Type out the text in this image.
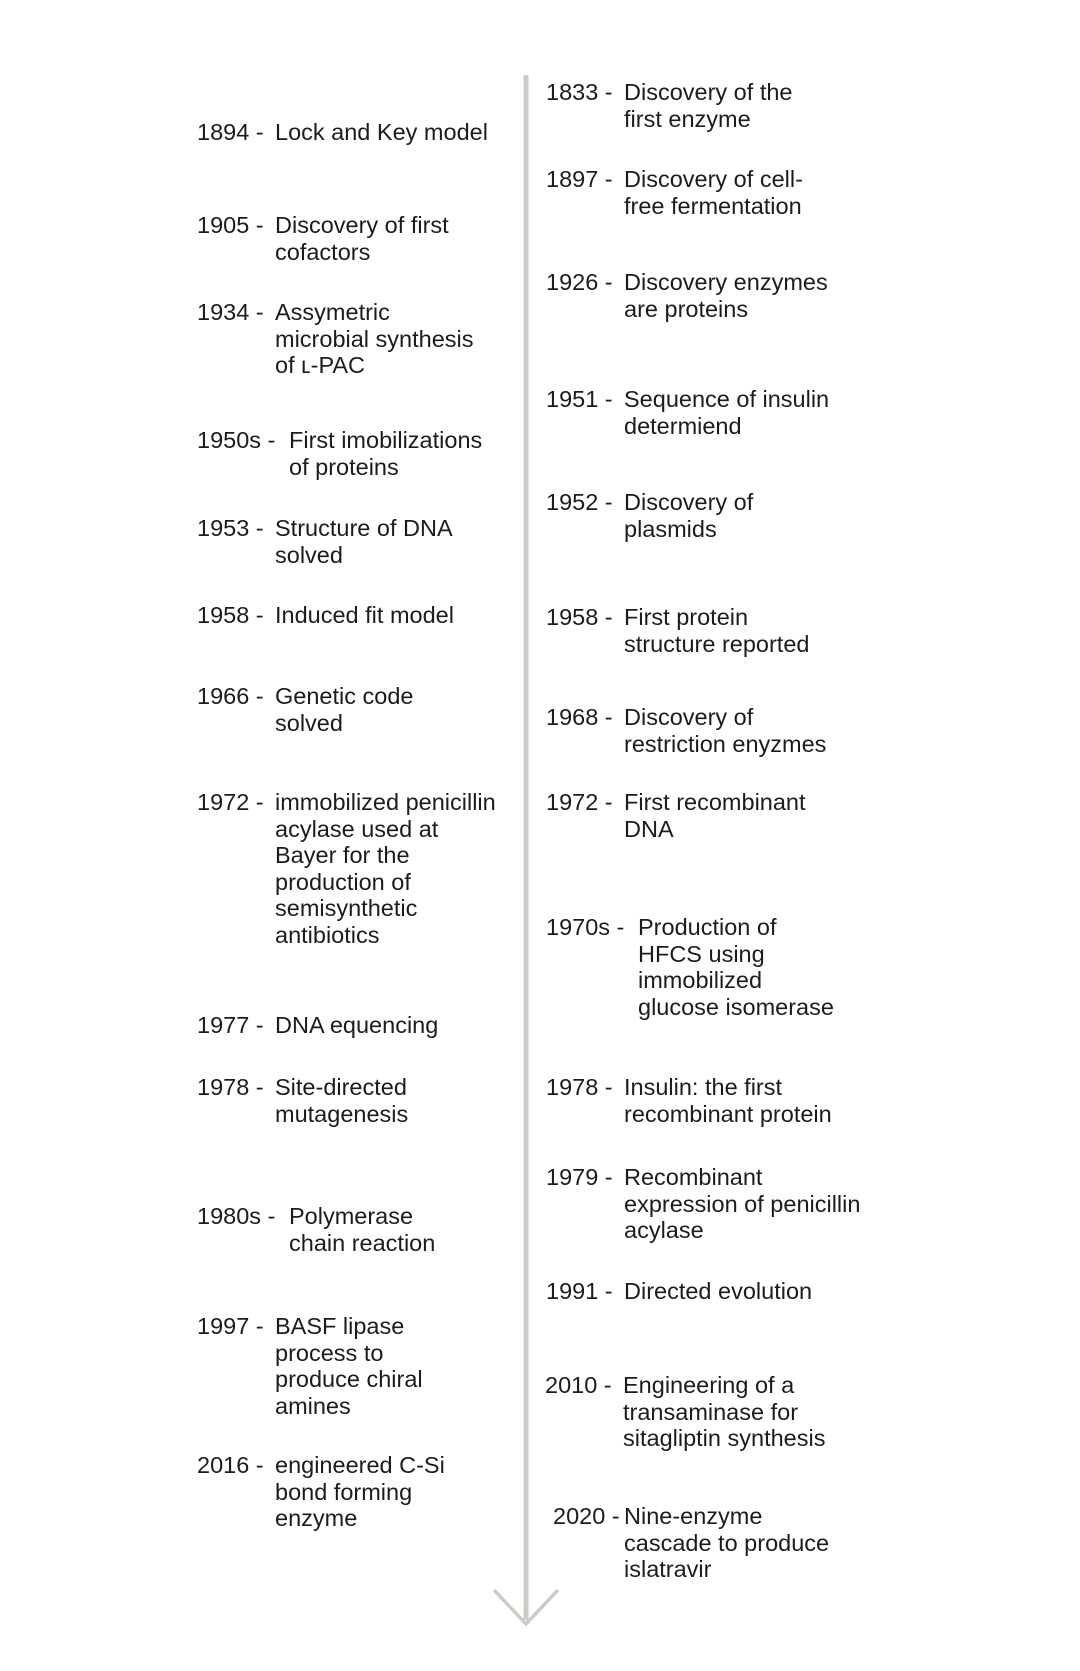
1894 - Lock and Key model
1905 - Discovery of first
cofactors
1934 - Assymetric
microbial synthesis
of ʟ-PAC
1950s - First imobilizations
of proteins
1953 - Structure of DNA
solved
1958 - Induced fit model
1966 - Genetic code
solved
1972 - immobilized penicillin
acylase used at
Bayer for the
production of
semisynthetic
antibiotics
1977 - DNA equencing
1978 - Site-directed
mutagenesis
1980s - Polymerase
chain reaction
1997 - BASF lipase
process to
produce chiral
amines
2016 - engineered C-Si
bond forming
enzyme
1833 - Discovery of the
first enzyme
1897 - Discovery of cell-
free fermentation
1926 - Discovery enzymes
are proteins
1951 - Sequence of insulin
determiend
1952 - Discovery of
plasmids
1958 - First protein
structure reported
1968 - Discovery of
restriction enyzmes
1972 - First recombinant
DNA
1970s - Production of
HFCS using
immobilized
glucose isomerase
1978 - Insulin: the first
recombinant protein
1979 - Recombinant
expression of penicillin
acylase
1991 - Directed evolution
2010 - Engineering of a
transaminase for
sitagliptin synthesis
2020 -
Nine-enzyme
cascade to produce
islatravir
